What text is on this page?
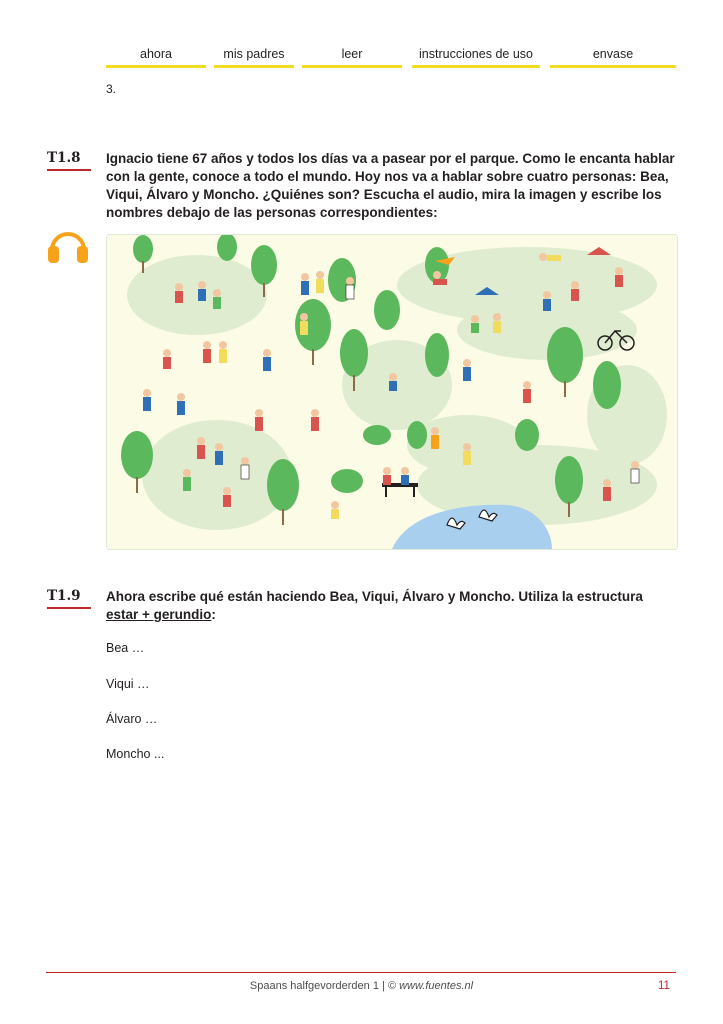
ahora	mis padres	leer	instrucciones de uso	envase
3.
T1.8	Ignacio tiene 67 años y todos los días va a pasear por el parque. Como le encanta hablar con la gente, conoce a todo el mundo. Hoy nos va a hablar sobre cuatro personas: Bea, Viqui, Álvaro y Moncho. ¿Quiénes son? Escucha el audio, mira la imagen y escribe los nombres debajo de las personas correspondientes:
T1.9	Ahora escribe qué están haciendo Bea, Viqui, Álvaro y Moncho. Utiliza la estructura estar + gerundio:
Bea …
Viqui …
Álvaro …
Moncho ...
Spaans halfgevorderden 1 | © www.fuentes.nl	11
